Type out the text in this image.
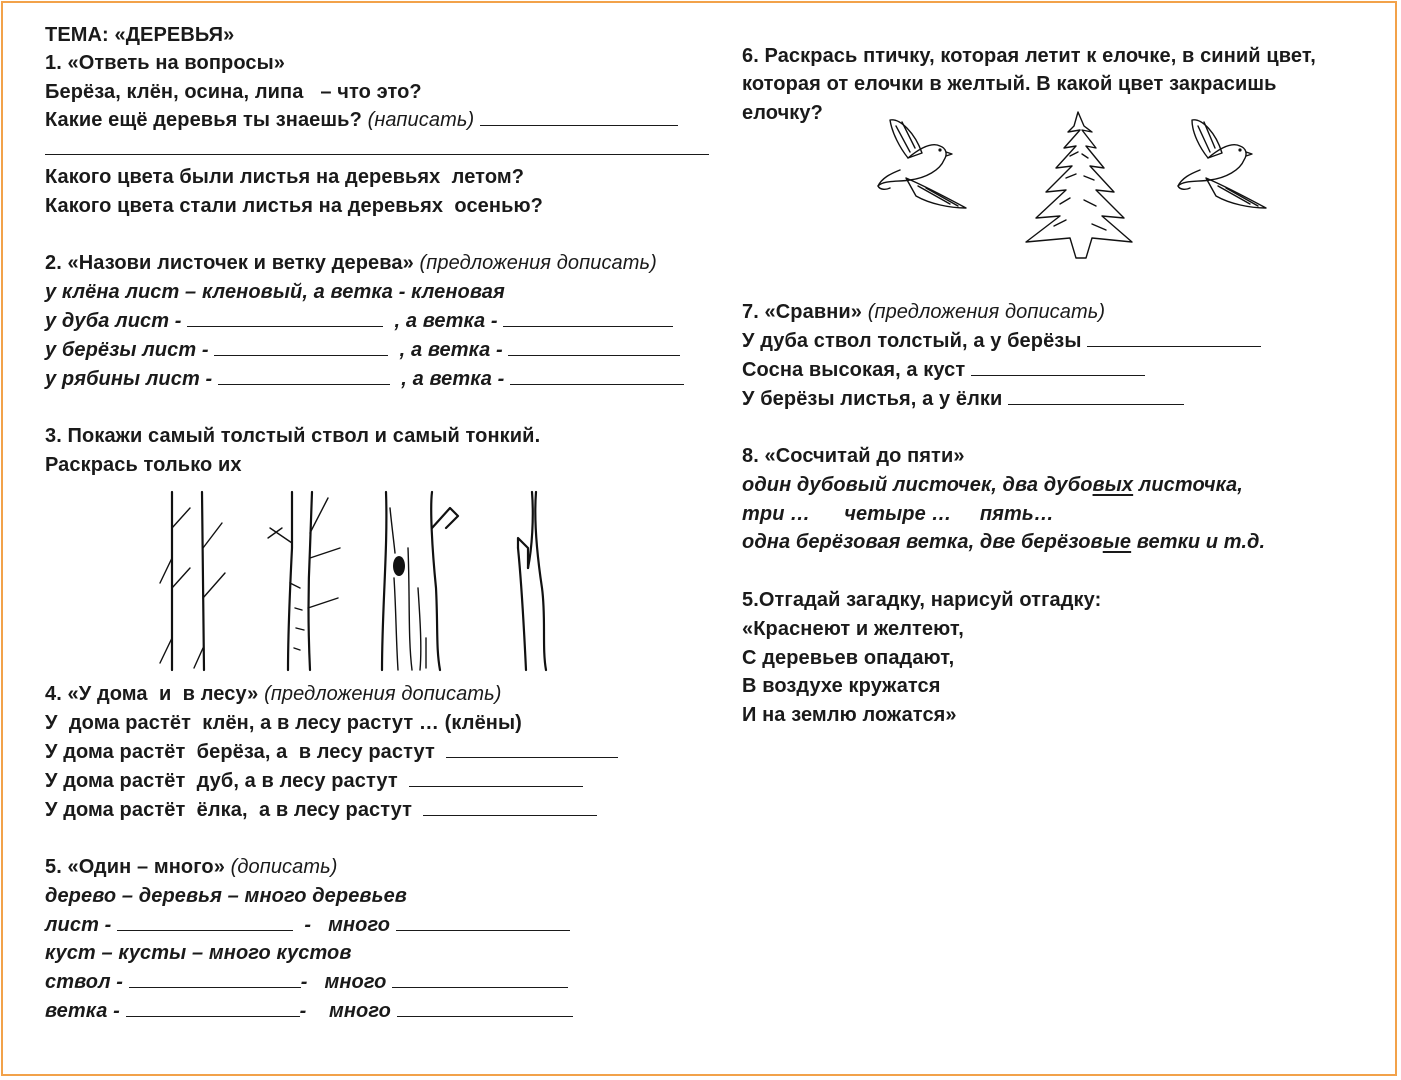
ТЕМА: «ДЕРЕВЬЯ»
1. «Ответь на вопросы»
Берёза, клён, осина, липа   – что это?
Какие ещё деревья ты знаешь? (написать)
Какого цвета были листья на деревьях  летом?
Какого цвета стали листья на деревьях  осенью?
2. «Назови листочек и ветку дерева» (предложения дописать)
у клёна лист – кленовый, а ветка - кленовая
у дуба лист -	, а ветка -
у берёзы лист -	, а ветка -
у рябины лист -	, а ветка -
3. Покажи самый толстый ствол и самый тонкий.
Раскрась только их
4. «У дома  и  в лесу» (предложения дописать)
У  дома растёт  клён, а в лесу растут … (клёны)
У дома растёт  берёза, а  в лесу растут
У дома растёт  дуб, а в лесу растут
У дома растёт  ёлка,  а в лесу растут
5. «Один – много» (дописать)
дерево – деревья – много деревьев
лист -	-   много
куст – кусты – много кустов
ствол -	-   много
ветка -	-    много
6. Раскрась птичку, которая летит к елочке, в синий цвет,
которая от елочки в желтый. В какой цвет закрасишь
елочку?
7. «Сравни» (предложения дописать)
У дуба ствол толстый, а у берёзы
Сосна высокая, а куст
У берёзы листья, а у ёлки
8. «Сосчитай до пяти»
один дубовый листочек, два дубовых листочка,
три …      четыре …     пять…
одна берёзовая ветка, две берёзовые ветки и т.д.
5.Отгадай загадку, нарисуй отгадку:
«Краснеют и желтеют,
С деревьев опадают,
В воздухе кружатся
И на землю ложатся»
